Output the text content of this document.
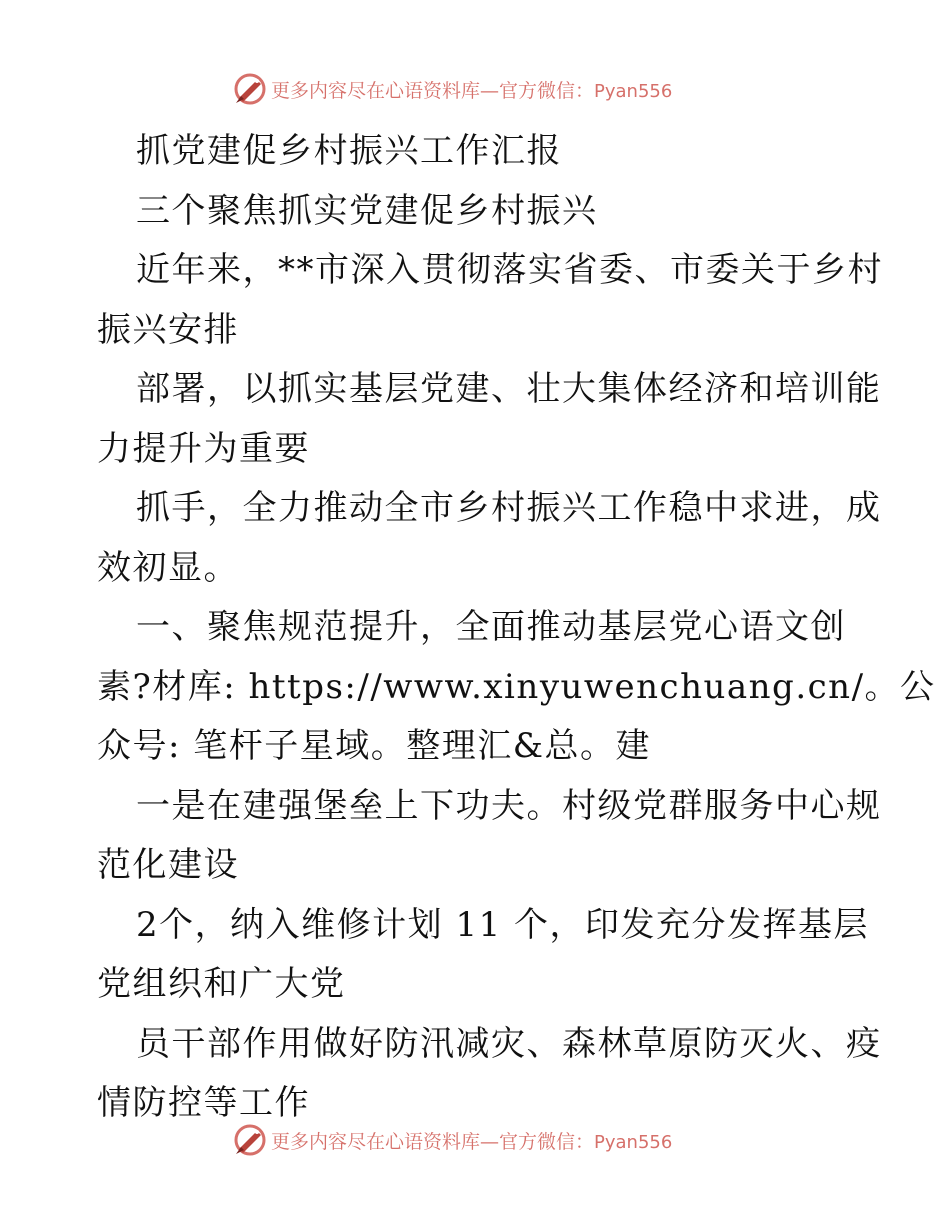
更多内容尽在心语资料库—官方微信：Pyan556
抓党建促乡村振兴工作汇报
三个聚焦抓实党建促乡村振兴
近年来，**市深入贯彻落实省委、市委关于乡村
振兴安排
部署，以抓实基层党建、壮大集体经济和培训能
力提升为重要
抓手，全力推动全市乡村振兴工作稳中求进，成
效初显。
一、聚焦规范提升，全面推动基层党心语文创
素?材库: https://www.xinyuwenchuang.cn/。公
众号: 笔杆子星域。整理汇&总。建
一是在建强堡垒上下功夫。村级党群服务中心规
范化建设
2个，纳入维修计划 11 个，印发充分发挥基层
党组织和广大党
员干部作用做好防汛减灾、森林草原防灭火、疫
情防控等工作
更多内容尽在心语资料库—官方微信：Pyan556
